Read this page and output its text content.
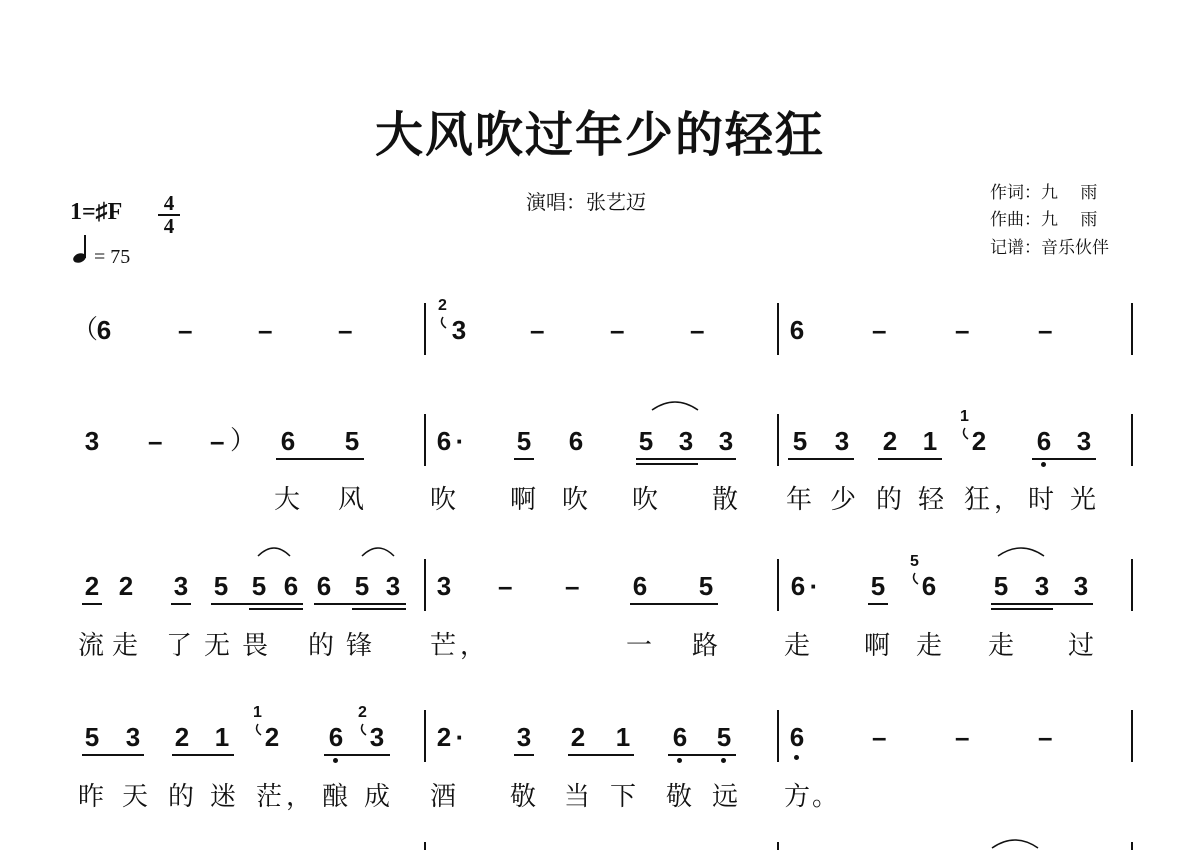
大风吹过年少的轻狂
演唱：张艺迈	作词：九　 雨
作曲：九　 雨
记谱：音乐伙伴
1=♯F 4
4
= 75
（
6	–	–	–
2
3 –	–	–	6	–	–	–
3 – – ） 6 5	6 · 5 6 5 3 3 5 3 2 1
1
2 6 3
大 风	吹 啊 吹 吹 散 年 少 的 轻 狂 ， 时 光
2 2 3 5 5 6 6 5 3 3 – – 6 5	6 · 5
5
6 5 3 3
流 走 了 无 畏 的 锋 芒 ，	一 路	走 啊 走 走 过
5 3 2 1
1
2 6
2
3 2 · 3 2 1 6 5 6	–	–	–
昨 天 的 迷 茫 ， 酿 成 酒 敬 当 下 敬 远 方 。
